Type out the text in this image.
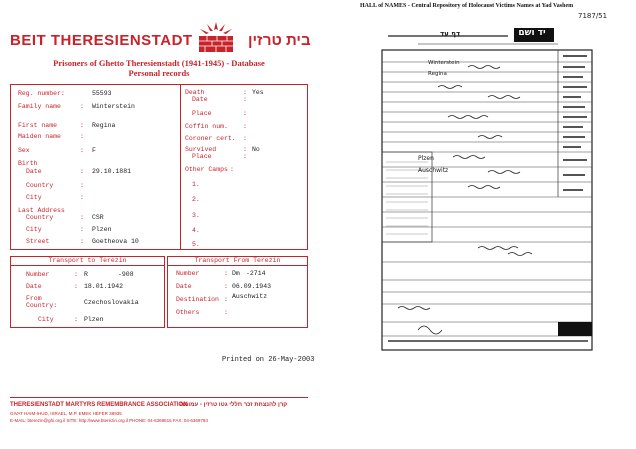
BEIT THERESIENSTADT	בית טרזין
Prisoners of Ghetto Theresienstadt (1941-1945) - Database
Personal records
Reg. number:	55593
Family name	: Winterstein
First name	: Regina
Maiden name	:
Sex	: F
Birth
Date	: 29.10.1881
Country	:
City	:
Last Address
Country	: CSR
City	: Plzen
Street	: Goetheova 10
Death	: Yes
Date	:
Place	:
Coffin num. :
Coroner cert. :
Survived	: No
Place	:
Other Camps :
1.
2.
3.
4.
5.
Transport to Terezin
Number	: R	-908
Date	: 18.01.1942
From
Country:	Czechoslovakia
City	: Plzen
Transport From Terezin
Number	: Dm -2714
Date	: 06.09.1943
Destination : Auschwitz
Others	:
Printed on 26-May-2003
THERESIENSTADT MARTYRS REMEMBRANCE ASSOCIATION
קרן להנצחת זכר חללי גטו טרזין - עמותה
GIVAT HAIM-IHUD, ISRAEL, M.P. EMEK HEFER 38935
E-MAIL: bterezin@ghi.org.il SITE: http://www.bterezin.org.il PHONE: 04-6369515 FAX: 04-6369793
HALL of NAMES - Central Repository of Holocaust Victims Names at Yad Vashem
7187/51
יד ושם
דף עד
Winterstein
Regina
Plzen
Auschwitz
